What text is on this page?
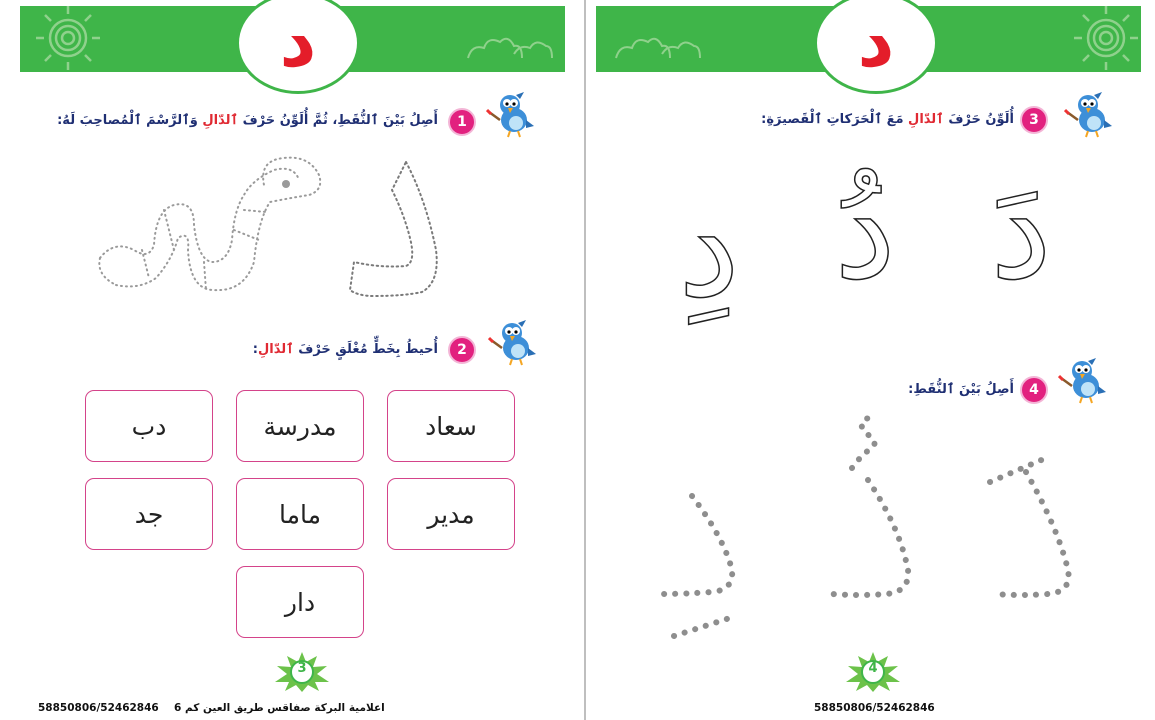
د
1
أَصِلُ بَيْنَ ٱلنُّقَطِ، ثُمَّ أُلَوِّنُ حَرْفَ ٱلدّالِ وَٱلرَّسْمَ ٱلْمُصاحِبَ لَهُ:
2
أُحيطُ بِخَطٍّ مُغْلَقٍ حَرْفَ ٱلدّالِ:
سعاد
مدرسة
دب
مدير
ماما
جد
دار
3
اعلامية البركة صفاقس طريق العين كم 6
58850806/52462846
د
3
أُلَوِّنُ حَرْفَ ٱلدّالِ مَعَ ٱلْحَرَكاتِ ٱلْقَصيرَةِ:
دَ
دُ
دِ
4
أَصِلُ بَيْنَ ٱلنُّقَطِ:
4
58850806/52462846
